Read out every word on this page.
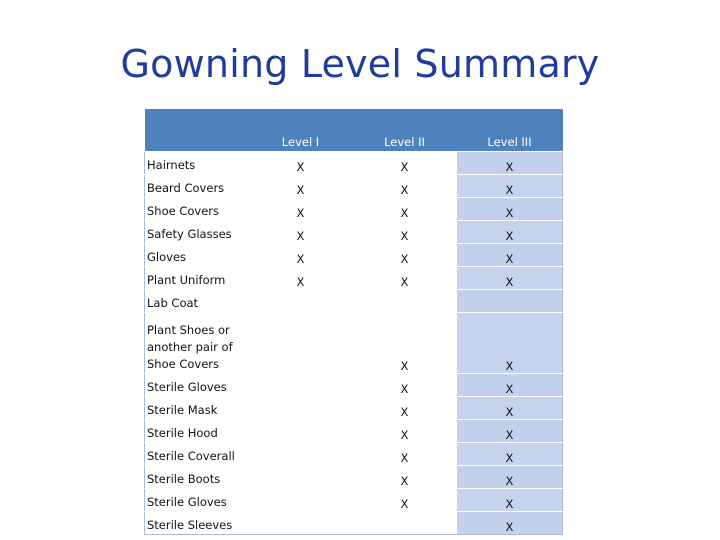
Gowning Level Summary
	Level I	Level II	Level III

Hairnets	X	X	X

Beard Covers	X	X	X

Shoe Covers	X	X	X

Safety Glasses	X	X	X

Gloves	X	X	X

Plant Uniform	X	X	X

Lab Coat			

Plant Shoes or another pair of Shoe Covers		X	X

Sterile Gloves		X	X

Sterile Mask		X	X

Sterile Hood		X	X

Sterile Coverall		X	X

Sterile Boots		X	X

Sterile Gloves		X	X

Sterile Sleeves			X
